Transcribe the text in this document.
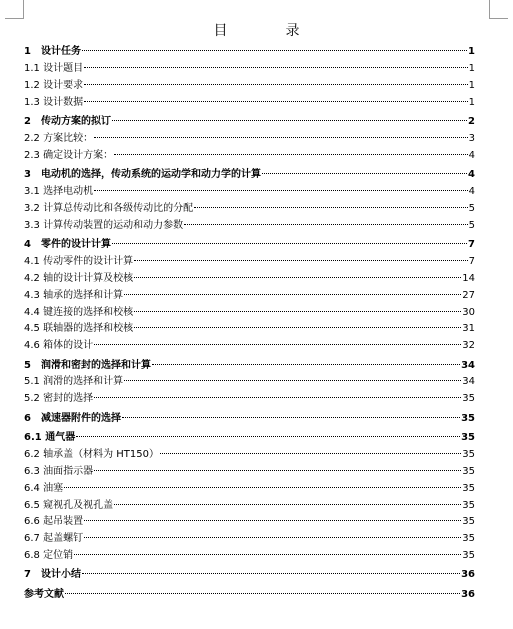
目　录
1　设计任务	1
1.1 设计题目	1
1.2 设计要求	1
1.3 设计数据	1
2　传动方案的拟订	2
2.2 方案比较：	3
2.3 确定设计方案：	4
3　电动机的选择，传动系统的运动学和动力学的计算	4
3.1 选择电动机	4
3.2 计算总传动比和各级传动比的分配	5
3.3 计算传动装置的运动和动力参数	5
4　零件的设计计算	7
4.1 传动零件的设计计算	7
4.2 轴的设计计算及校核	14
4.3 轴承的选择和计算	27
4.4 键连接的选择和校核	30
4.5 联轴器的选择和校核	31
4.6 箱体的设计	32
5　润滑和密封的选择和计算	34
5.1 润滑的选择和计算	34
5.2 密封的选择	35
6　减速器附件的选择	35
6.1 通气器	35
6.2 轴承盖（材料为 HT150）	35
6.3 油面指示器	35
6.4 油塞	35
6.5 窥视孔及视孔盖	35
6.6 起吊装置	35
6.7 起盖螺钉	35
6.8 定位销	35
7　设计小结	36
参考文献	36
